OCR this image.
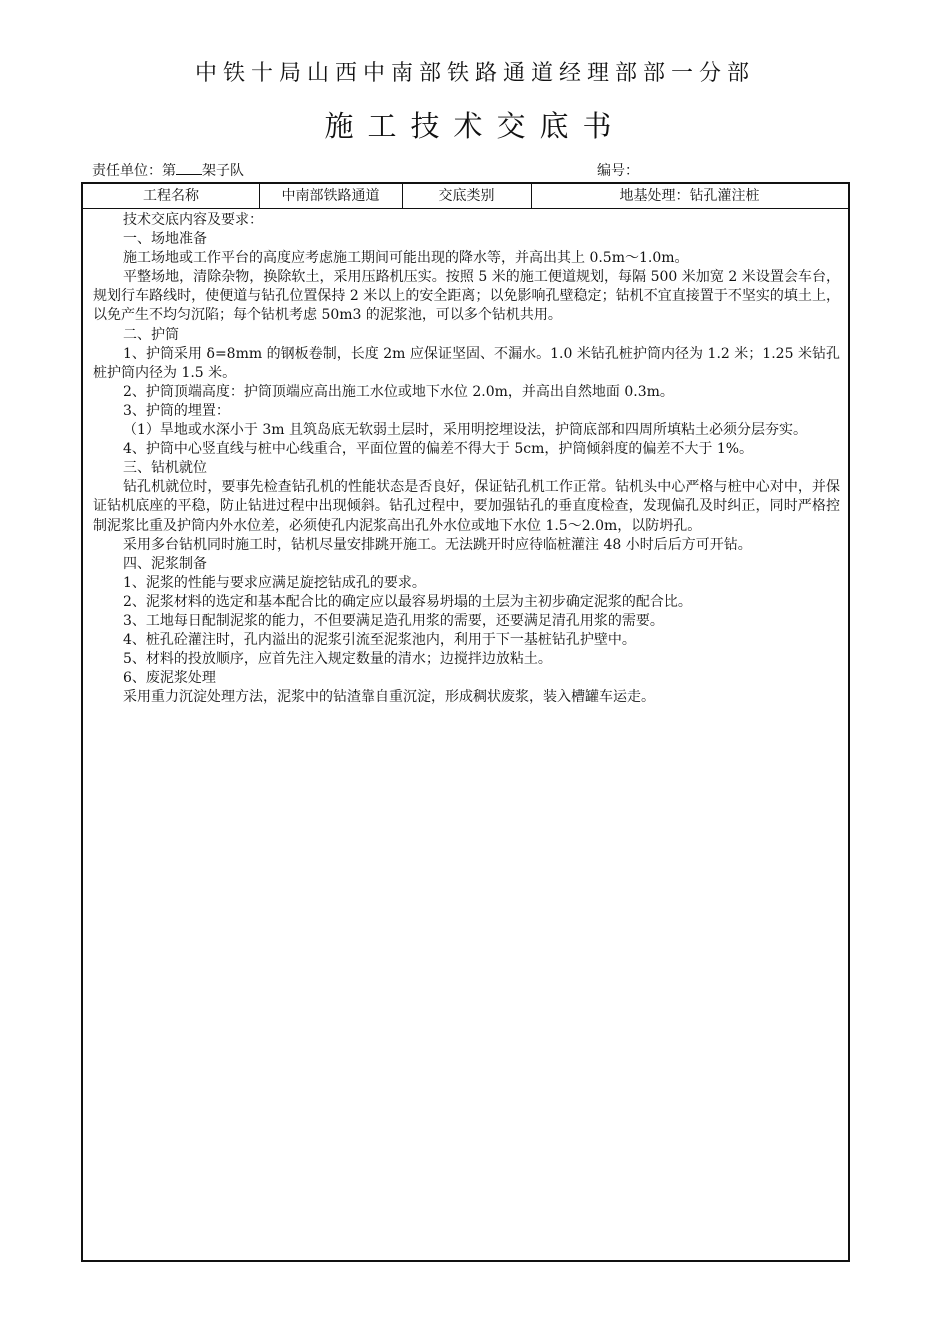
中铁十局山西中南部铁路通道经理部部一分部
施工技术交底书
责任单位：第 架子队	编号：
工程名称	中南部铁路通道	交底类别	地基处理：钻孔灌注桩

技术交底内容及要求：

一、场地准备

施工场地或工作平台的高度应考虑施工期间可能出现的降水等，并高出其上 0.5m～1.0m。

平整场地，清除杂物，换除软土，采用压路机压实。按照 5 米的施工便道规划，每隔 500 米加宽 2 米设置会车台，规划行车路线时，使便道与钻孔位置保持 2 米以上的安全距离；以免影响孔壁稳定；钻机不宜直接置于不坚实的填土上，以免产生不均匀沉陷；每个钻机考虑 50m3 的泥浆池，可以多个钻机共用。

二、护筒

1、护筒采用 δ=8mm 的钢板卷制，长度 2m 应保证坚固、不漏水。1.0 米钻孔桩护筒内径为 1.2 米；1.25 米钻孔桩护筒内径为 1.5 米。

2、护筒顶端高度：护筒顶端应高出施工水位或地下水位 2.0m，并高出自然地面 0.3m。

3、护筒的埋置：

（1）旱地或水深小于 3m 且筑岛底无软弱土层时，采用明挖埋设法，护筒底部和四周所填粘土必须分层夯实。

4、护筒中心竖直线与桩中心线重合，平面位置的偏差不得大于 5cm，护筒倾斜度的偏差不大于 1%。

三、钻机就位

钻孔机就位时，要事先检查钻孔机的性能状态是否良好，保证钻孔机工作正常。钻机头中心严格与桩中心对中，并保证钻机底座的平稳，防止钻进过程中出现倾斜。钻孔过程中，要加强钻孔的垂直度检查，发现偏孔及时纠正，同时严格控制泥浆比重及护筒内外水位差，必须使孔内泥浆高出孔外水位或地下水位 1.5～2.0m，以防坍孔。

采用多台钻机同时施工时，钻机尽量安排跳开施工。无法跳开时应待临桩灌注 48 小时后后方可开钻。

四、泥浆制备

1、泥浆的性能与要求应满足旋挖钻成孔的要求。

2、泥浆材料的选定和基本配合比的确定应以最容易坍塌的土层为主初步确定泥浆的配合比。

3、工地每日配制泥浆的能力，不但要满足造孔用浆的需要，还要满足清孔用浆的需要。

4、桩孔砼灌注时，孔内溢出的泥浆引流至泥浆池内，利用于下一基桩钻孔护壁中。

5、材料的投放顺序，应首先注入规定数量的清水；边搅拌边放粘土。

6、废泥浆处理

采用重力沉淀处理方法，泥浆中的钻渣靠自重沉淀，形成稠状废浆，装入槽罐车运走。
